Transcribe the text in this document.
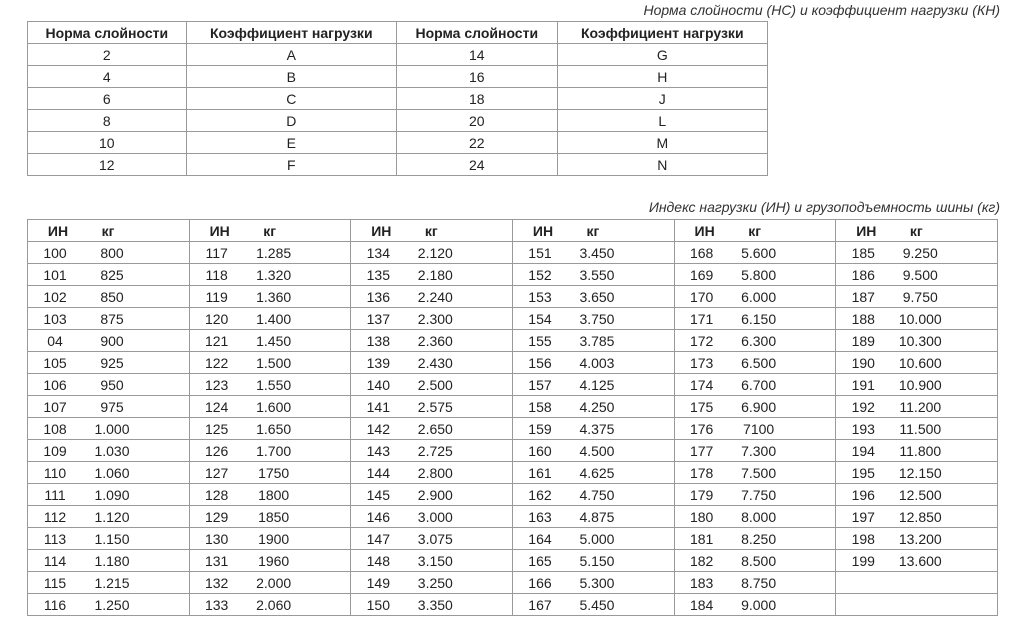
Норма слойности (НС) и коэффициент нагрузки (КН)
Норма слойности	Коэффициент нагрузки	Норма слойности	Коэффициент нагрузки
2	A	14	G
4	B	16	H
6	C	18	J
8	D	20	L
10	E	22	M
12	F	24	N
Индекс нагрузки (ИН) и грузоподъемность шины (кг)
ИН кг	ИН кг	ИН кг	ИН кг	ИН кг	ИН кг

100 800	117 1.285	134 2.120	151 3.450	168 5.600	185 9.250

101 825	118 1.320	135 2.180	152 3.550	169 5.800	186 9.500

102 850	119 1.360	136 2.240	153 3.650	170 6.000	187 9.750

103 875	120 1.400	137 2.300	154 3.750	171 6.150	188 10.000

04 900	121 1.450	138 2.360	155 3.785	172 6.300	189 10.300

105 925	122 1.500	139 2.430	156 4.003	173 6.500	190 10.600

106 950	123 1.550	140 2.500	157 4.125	174 6.700	191 10.900

107 975	124 1.600	141 2.575	158 4.250	175 6.900	192 11.200

108 1.000	125 1.650	142 2.650	159 4.375	176 7100	193 11.500

109 1.030	126 1.700	143 2.725	160 4.500	177 7.300	194 11.800

110 1.060	127 1750	144 2.800	161 4.625	178 7.500	195 12.150

111 1.090	128 1800	145 2.900	162 4.750	179 7.750	196 12.500

112 1.120	129 1850	146 3.000	163 4.875	180 8.000	197 12.850

113 1.150	130 1900	147 3.075	164 5.000	181 8.250	198 13.200

114 1.180	131 1960	148 3.150	165 5.150	182 8.500	199 13.600

115 1.215	132 2.000	149 3.250	166 5.300	183 8.750	

116 1.250	133 2.060	150 3.350	167 5.450	184 9.000	
